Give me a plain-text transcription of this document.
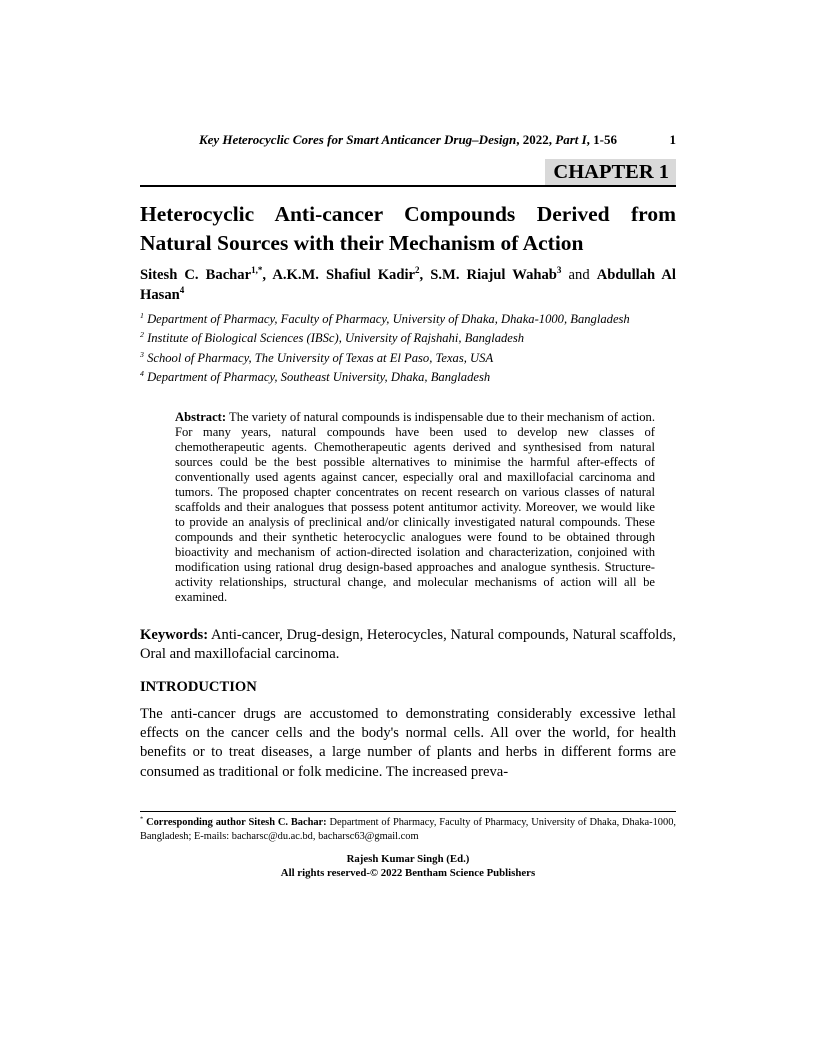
Key Heterocyclic Cores for Smart Anticancer Drug–Design, 2022, Part I, 1-56	1
CHAPTER 1
Heterocyclic Anti-cancer Compounds Derived from Natural Sources with their Mechanism of Action

Sitesh C. Bachar$^{1,*}$, A.K.M. Shafiul Kadir$^2$, S.M. Riajul Wahab$^3$ and Abdullah Al Hasan$^4$

$^1$ Department of Pharmacy, Faculty of Pharmacy, University of Dhaka, Dhaka-1000, Bangladesh

$^2$ Institute of Biological Sciences (IBSc), University of Rajshahi, Bangladesh

$^3$ School of Pharmacy, The University of Texas at El Paso, Texas, USA

$^4$ Department of Pharmacy, Southeast University, Dhaka, Bangladesh

Abstract: The variety of natural compounds is indispensable due to their mechanism of action. For many years, natural compounds have been used to develop new classes of chemotherapeutic agents. Chemotherapeutic agents derived and synthesised from natural sources could be the best possible alternatives to minimise the harmful after-effects of conventionally used agents against cancer, especially oral and maxillofacial carcinoma and tumors. The proposed chapter concentrates on recent research on various classes of natural scaffolds and their analogues that possess potent antitumor activity. Moreover, we would like to provide an analysis of preclinical and/or clinically investigated natural compounds. These compounds and their synthetic heterocyclic analogues were found to be obtained through bioactivity and mechanism of action-directed isolation and characterization, conjoined with modification using rational drug design-based approaches and analogue synthesis. Structure-activity relationships, structural change, and molecular mechanisms of action will all be examined.

Keywords: Anti-cancer, Drug-design, Heterocycles, Natural compounds, Natural scaffolds, Oral and maxillofacial carcinoma.

INTRODUCTION

The anti-cancer drugs are accustomed to demonstrating considerably excessive lethal effects on the cancer cells and the body's normal cells. All over the world, for health benefits or to treat diseases, a large number of plants and herbs in different forms are consumed as traditional or folk medicine. The increased preva-

* Corresponding author Sitesh C. Bachar: Department of Pharmacy, Faculty of Pharmacy, University of Dhaka, Dhaka-1000, Bangladesh; E-mails: bacharsc@du.ac.bd, bacharsc63@gmail.com

Rajesh Kumar Singh (Ed.)

All rights reserved-© 2022 Bentham Science Publishers
